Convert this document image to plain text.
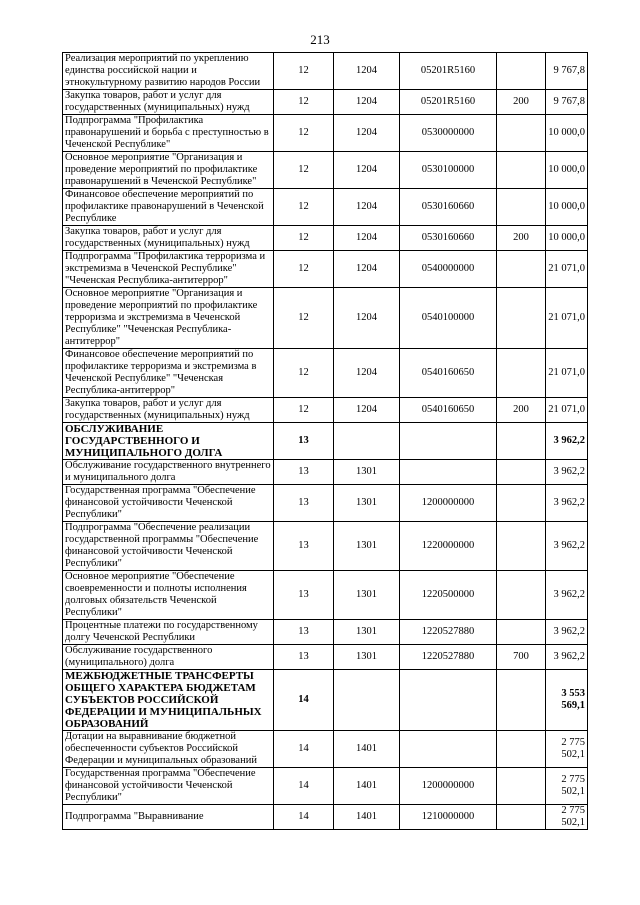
213
Реализация мероприятий по укреплению единства российской нации и этнокультурному развитию народов России	12	1204	05201R5160		9 767,8
Закупка товаров, работ и услуг для государственных (муниципальных) нужд	12	1204	05201R5160	200	9 767,8
Подпрограмма "Профилактика правонарушений и борьба с преступностью в Чеченской Республике"	12	1204	0530000000		10 000,0
Основное мероприятие "Организация и проведение мероприятий по профилактике правонарушений в Чеченской Республике"	12	1204	0530100000		10 000,0
Финансовое обеспечение мероприятий по профилактике правонарушений в Чеченской Республике	12	1204	0530160660		10 000,0
Закупка товаров, работ и услуг для государственных (муниципальных) нужд	12	1204	0530160660	200	10 000,0
Подпрограмма "Профилактика терроризма и экстремизма в Чеченской Республике" "Чеченская Республика-антитеррор"	12	1204	0540000000		21 071,0
Основное мероприятие "Организация и проведение мероприятий по профилактике терроризма и экстремизма в Чеченской Республике" "Чеченская Республика-антитеррор"	12	1204	0540100000		21 071,0
Финансовое обеспечение мероприятий по профилактике терроризма и экстремизма в Чеченской Республике" "Чеченская Республика-антитеррор"	12	1204	0540160650		21 071,0
Закупка товаров, работ и услуг для государственных (муниципальных) нужд	12	1204	0540160650	200	21 071,0
ОБСЛУЖИВАНИЕ ГОСУДАРСТВЕННОГО И МУНИЦИПАЛЬНОГО ДОЛГА	13				3 962,2
Обслуживание государственного внутреннего и муниципального долга	13	1301			3 962,2
Государственная программа "Обеспечение финансовой устойчивости Чеченской Республики"	13	1301	1200000000		3 962,2
Подпрограмма "Обеспечение реализации государственной программы "Обеспечение финансовой устойчивости Чеченской Республики"	13	1301	1220000000		3 962,2
Основное мероприятие "Обеспечение своевременности и полноты исполнения долговых обязательств Чеченской Республики"	13	1301	1220500000		3 962,2
Процентные платежи по государственному долгу Чеченской Республики	13	1301	1220527880		3 962,2
Обслуживание государственного (муниципального) долга	13	1301	1220527880	700	3 962,2
МЕЖБЮДЖЕТНЫЕ ТРАНСФЕРТЫ ОБЩЕГО ХАРАКТЕРА БЮДЖЕТАМ СУБЪЕКТОВ РОССИЙСКОЙ ФЕДЕРАЦИИ И МУНИЦИПАЛЬНЫХ ОБРАЗОВАНИЙ	14				3 553 569,1
Дотации на выравнивание бюджетной обеспеченности субъектов Российской Федерации и муниципальных образований	14	1401			2 775 502,1
Государственная программа "Обеспечение финансовой устойчивости Чеченской Республики"	14	1401	1200000000		2 775 502,1
Подпрограмма "Выравнивание	14	1401	1210000000		2 775 502,1
